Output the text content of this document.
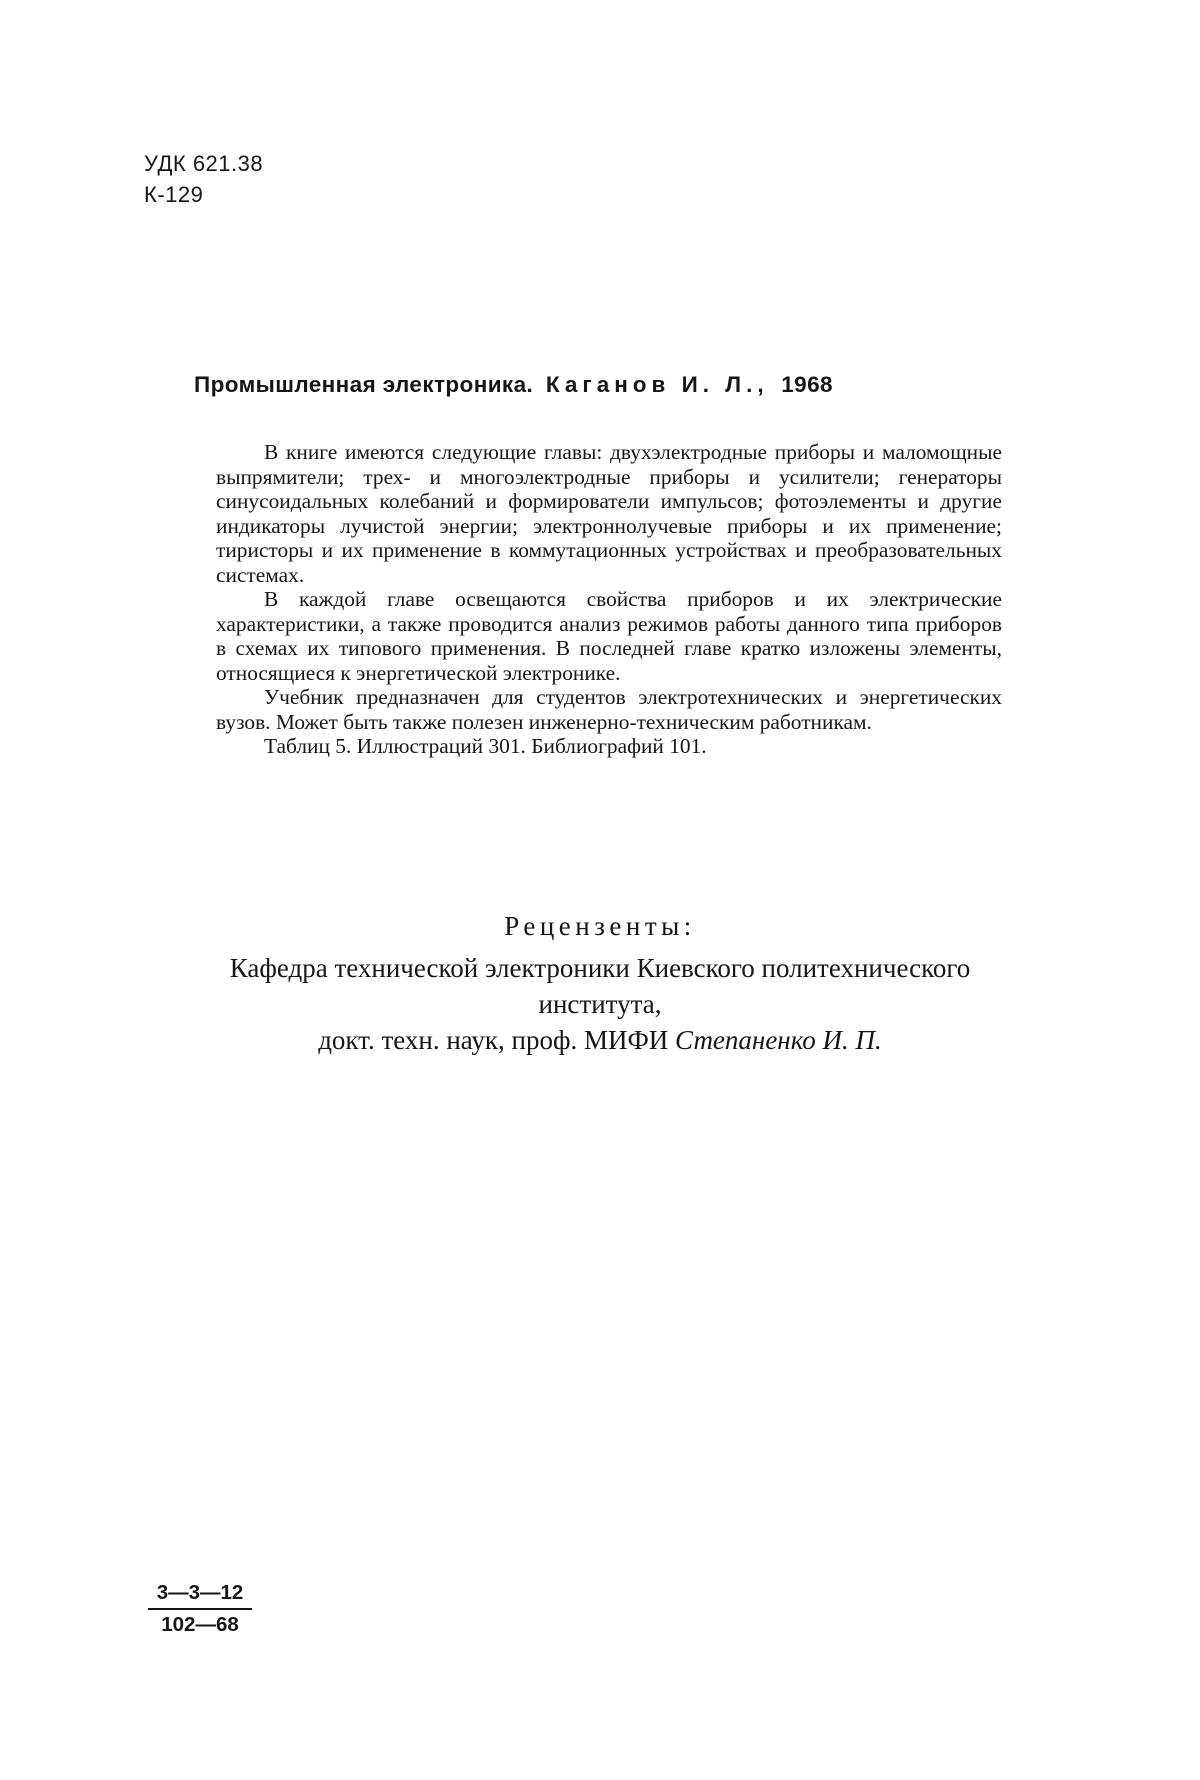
УДК 621.38
К-129
Промышленная электроника. Каганов И. Л., 1968

В книге имеются следующие главы: двухэлектродные приборы и маломощные выпрямители; трех- и многоэлектродные приборы и усилители; генераторы синусоидальных колебаний и формирователи импульсов; фотоэлементы и другие индикаторы лучистой энергии; электроннолучевые приборы и их применение; тиристоры и их применение в коммутационных устройствах и преобразовательных системах.

В каждой главе освещаются свойства приборов и их электрические характеристики, а также проводится анализ режимов работы данного типа приборов в схемах их типового применения. В последней главе кратко изложены элементы, относящиеся к энергетической электронике.

Учебник предназначен для студентов электротехнических и энергетических вузов. Может быть также полезен инженерно-техническим работникам.

Таблиц 5. Иллюстраций 301. Библиографий 101.

Рецензенты:
Кафедра технической электроники Киевского политехнического
института,
докт. техн. наук, проф. МИФИ Степаненко И. П.
$\frac{3—3—12}{102—68}$
